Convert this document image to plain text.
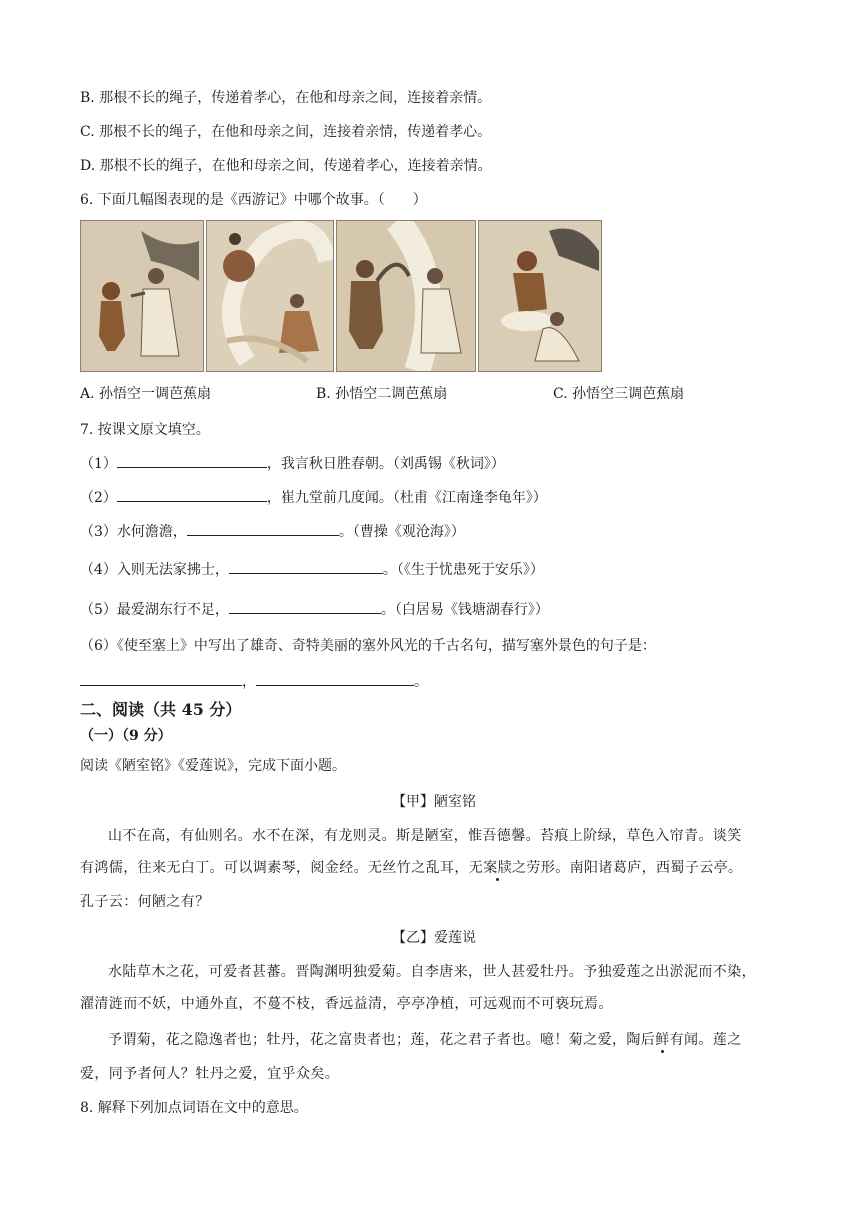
B. 那根不长的绳子，传递着孝心，在他和母亲之间，连接着亲情。
C. 那根不长的绳子，在他和母亲之间，连接着亲情，传递着孝心。
D. 那根不长的绳子，在他和母亲之间，传递着孝心，连接着亲情。
6. 下面几幅图表现的是《西游记》中哪个故事。（　　）
A. 孙悟空一调芭蕉扇	B. 孙悟空二调芭蕉扇	C. 孙悟空三调芭蕉扇
7. 按课文原文填空。
（1）	，我言秋日胜春朝。（刘禹锡《秋词》）
（2）	，崔九堂前几度闻。（杜甫《江南逢李龟年》）
（3）水何澹澹，	。（曹操《观沧海》）
（4）入则无法家拂士，	。（《生于忧患死于安乐》）
（5）最爱湖东行不足，	。（白居易《钱塘湖春行》）
（6）《使至塞上》中写出了雄奇、奇特美丽的塞外风光的千古名句，描写塞外景色的句子是：
，	。
二、阅读（共 45 分）
（一）（9 分）
阅读《陋室铭》《爱莲说》，完成下面小题。
【甲】陋室铭
山不在高，有仙则名。水不在深，有龙则灵。斯是陋室，惟吾德馨。苔痕上阶绿，草色入帘青。谈笑
有鸿儒，往来无白丁。可以调素琴，阅金经。无丝竹之乱耳，无案牍之劳形。南阳诸葛庐，西蜀子云亭。
孔子云：何陋之有？
【乙】爱莲说
水陆草木之花，可爱者甚蕃。晋陶渊明独爱菊。自李唐来，世人甚爱牡丹。予独爱莲之出淤泥而不染，
濯清涟而不妖，中通外直，不蔓不枝，香远益清，亭亭净植，可远观而不可亵玩焉。
予谓菊，花之隐逸者也；牡丹，花之富贵者也；莲，花之君子者也。噫！菊之爱，陶后鲜有闻。莲之
爱，同予者何人？牡丹之爱，宜乎众矣。
8. 解释下列加点词语在文中的意思。
